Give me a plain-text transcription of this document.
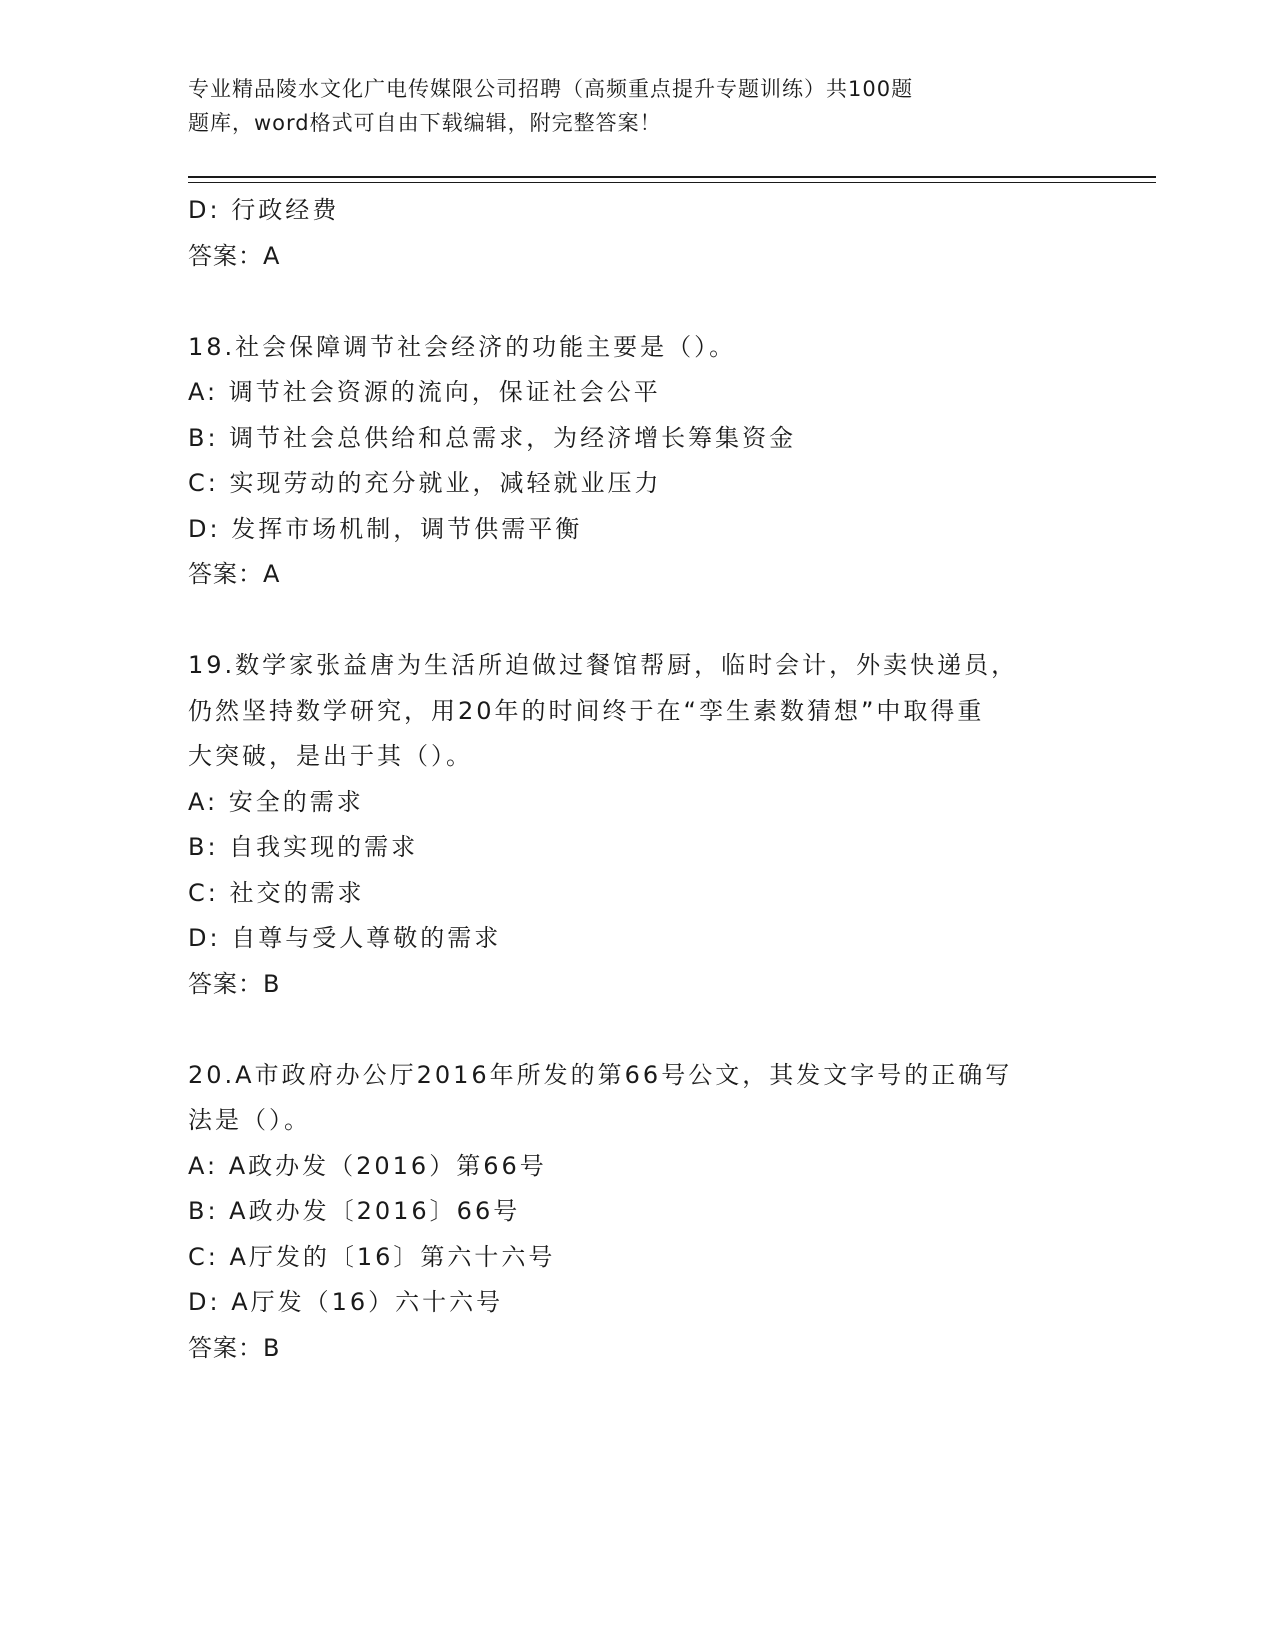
专业精品陵水文化广电传媒限公司招聘（高频重点提升专题训练）共100题
题库，word格式可自由下载编辑，附完整答案！
D: 行政经费
答案：A
18.社会保障调节社会经济的功能主要是（）。
A: 调节社会资源的流向，保证社会公平
B: 调节社会总供给和总需求，为经济增长筹集资金
C: 实现劳动的充分就业，减轻就业压力
D: 发挥市场机制，调节供需平衡
答案：A
19.数学家张益唐为生活所迫做过餐馆帮厨，临时会计，外卖快递员，
仍然坚持数学研究，用20年的时间终于在“孪生素数猜想”中取得重
大突破，是出于其（）。
A: 安全的需求
B: 自我实现的需求
C: 社交的需求
D: 自尊与受人尊敬的需求
答案：B
20.A市政府办公厅2016年所发的第66号公文，其发文字号的正确写
法是（）。
A: A政办发（2016）第66号
B: A政办发〔2016〕66号
C: A厅发的〔16〕第六十六号
D: A厅发（16）六十六号
答案：B
